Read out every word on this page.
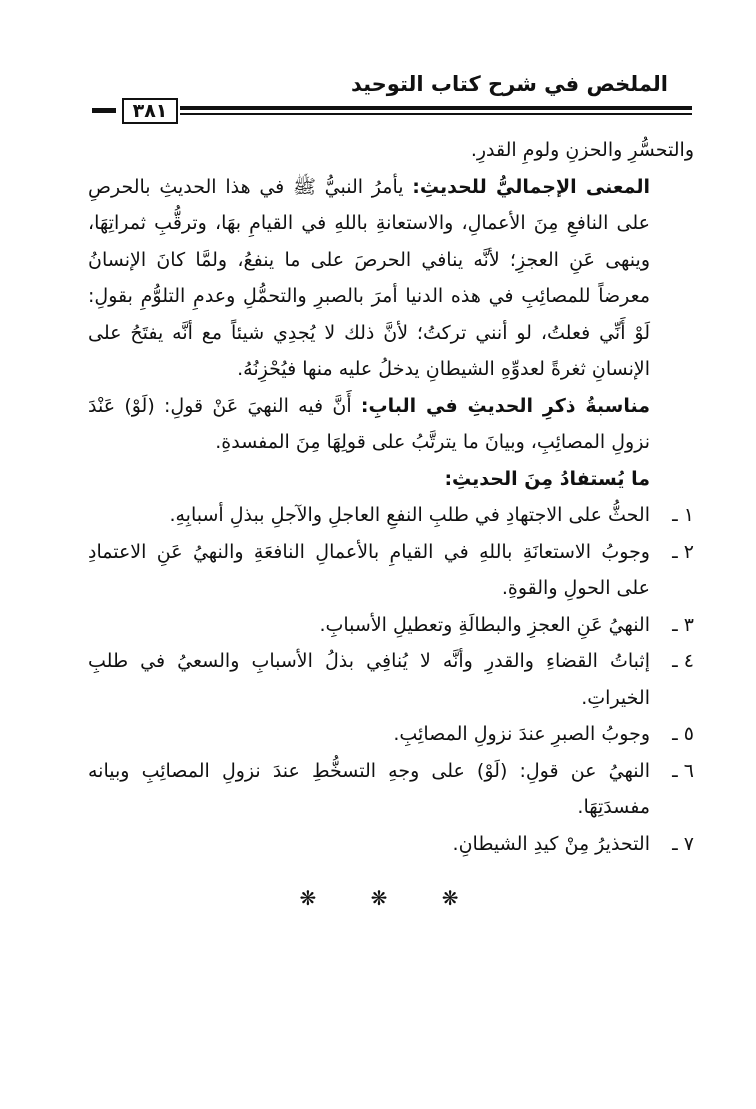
الملخص في شرح كتاب التوحيد
٣٨١

والتحسُّرِ والحزنِ ولومِ القدرِ.

المعنى الإجماليُّ للحديثِ: يأمرُ النبيُّ ﷺ في هذا الحديثِ بالحرصِ على النافعِ مِنَ الأعمالِ، والاستعانةِ باللهِ في القيامِ بهَا، وترقُّبِ ثمراتِهَا، وينهى عَنِ العجزِ؛ لأنَّه ينافي الحرصَ على ما ينفعُ، ولمَّا كانَ الإنسانُ معرضاً للمصائِبِ في هذه الدنيا أمرَ بالصبرِ والتحمُّلِ وعدمِ التلوُّمِ بقولِ: لَوْ أَنِّي فعلتُ، لو أنني تركتُ؛ لأنَّ ذلك لا يُجدِي شيئاً مع أنَّه يفتَحُ على الإنسانِ ثغرةً لعدوِّهِ الشيطانِ يدخلُ عليه منها فيُحْزِنُهُ.

مناسبةُ ذكرِ الحديثِ في البابِ: أَنَّ فيه النهيَ عَنْ قولِ: (لَوْ) عَنْدَ نزولِ المصائِبِ، وبيانَ ما يترتَّبُ على قولِهَا مِنَ المفسدةِ.

ما يُستفادُ مِنَ الحديثِ:

١ ـ
الحثُّ على الاجتهادِ في طلبِ النفعِ العاجلِ والآجلِ ببذلِ أسبابِهِ.
٢ ـ
وجوبُ الاستعانَةِ باللهِ في القيامِ بالأعمالِ النافعَةِ والنهيُ عَنِ الاعتمادِ على الحولِ والقوةِ.
٣ ـ
النهيُ عَنِ العجزِ والبطالَةِ وتعطيلِ الأسبابِ.
٤ ـ
إثباتُ القضاءِ والقدرِ وأنَّه لا يُنافِي بذلُ الأسبابِ والسعيُ في طلبِ الخيراتِ.
٥ ـ
وجوبُ الصبرِ عندَ نزولِ المصائِبِ.
٦ ـ
النهيُ عن قولِ: (لَوْ) على وجهِ التسخُّطِ عندَ نزولِ المصائِبِ وبيانه مفسدَتِهَا.
٧ ـ
التحذيرُ مِنْ كيدِ الشيطانِ.
❋ ❋ ❋
